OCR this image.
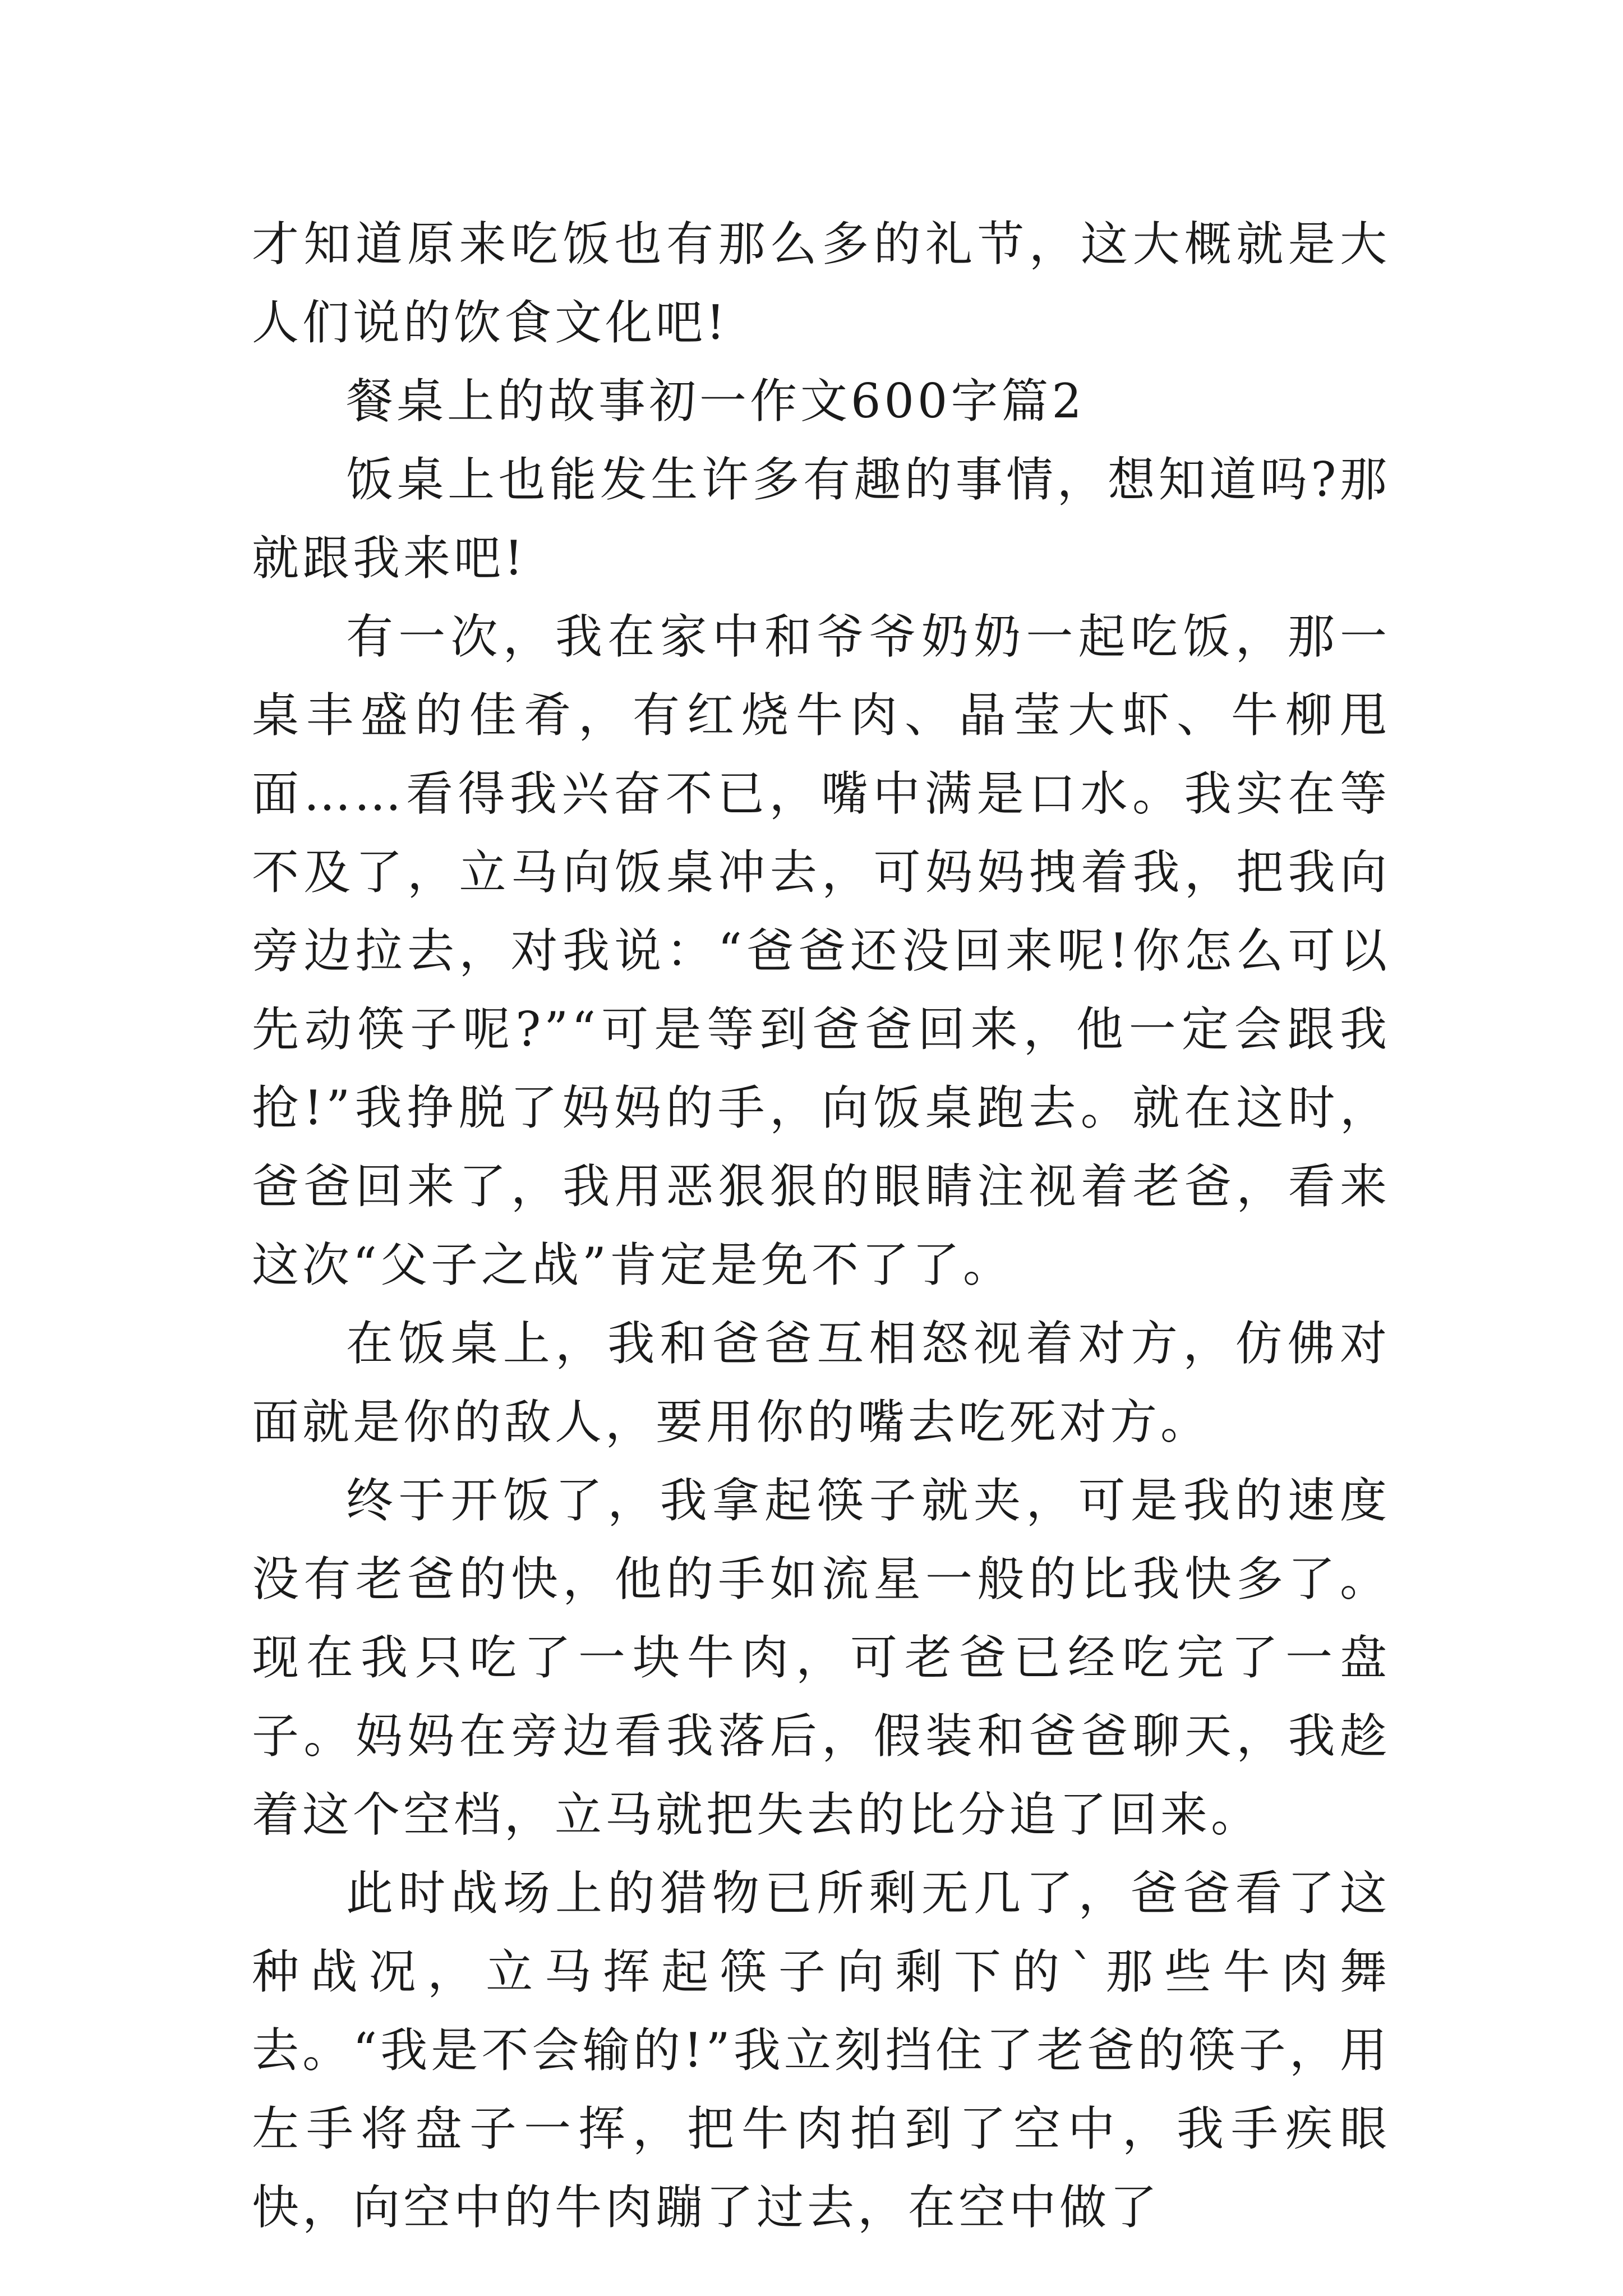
才知道原来吃饭也有那么多的礼节，这大概就是大人们说的饮食文化吧!

餐桌上的故事初一作文600字篇2

饭桌上也能发生许多有趣的事情，想知道吗?那就跟我来吧!

有一次，我在家中和爷爷奶奶一起吃饭，那一桌丰盛的佳肴，有红烧牛肉、晶莹大虾、牛柳甩面……看得我兴奋不已，嘴中满是口水。我实在等不及了，立马向饭桌冲去，可妈妈拽着我，把我向旁边拉去，对我说：“爸爸还没回来呢!你怎么可以先动筷子呢?”“可是等到爸爸回来，他一定会跟我抢!”我挣脱了妈妈的手，向饭桌跑去。就在这时，爸爸回来了，我用恶狠狠的眼睛注视着老爸，看来这次“父子之战”肯定是免不了了。

在饭桌上，我和爸爸互相怒视着对方，仿佛对面就是你的敌人，要用你的嘴去吃死对方。

终于开饭了，我拿起筷子就夹，可是我的速度没有老爸的快，他的手如流星一般的比我快多了。现在我只吃了一块牛肉，可老爸已经吃完了一盘子。妈妈在旁边看我落后，假装和爸爸聊天，我趁着这个空档，立马就把失去的比分追了回来。

此时战场上的猎物已所剩无几了，爸爸看了这种战况，立马挥起筷子向剩下的`那些牛肉舞去。“我是不会输的!”我立刻挡住了老爸的筷子，用左手将盘子一挥，把牛肉拍到了空中，我手疾眼快，向空中的牛肉蹦了过去，在空中做了
